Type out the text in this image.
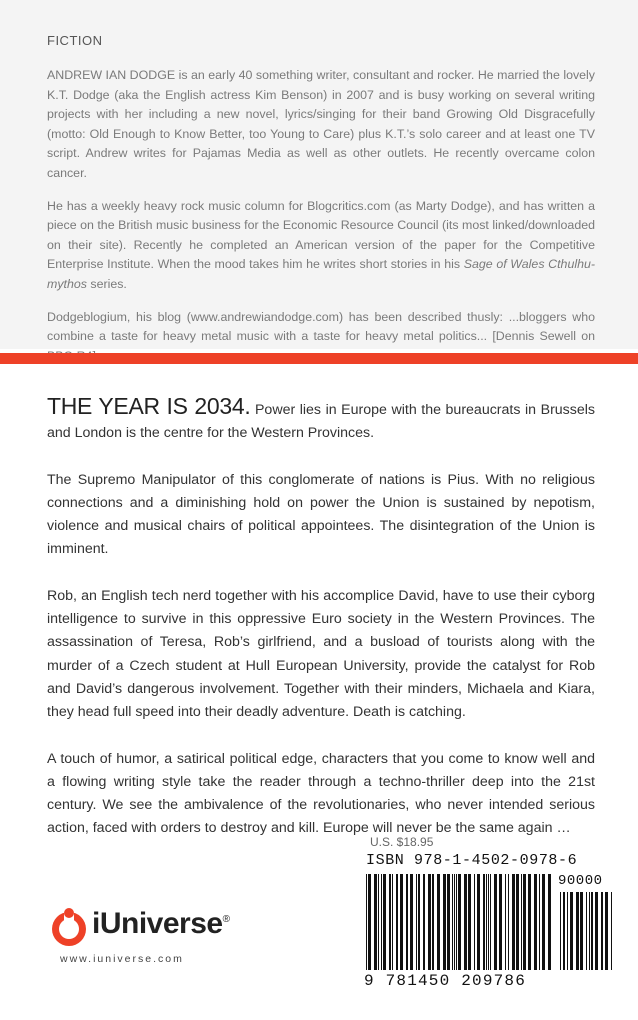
FICTION

ANDREW IAN DODGE is an early 40 something writer, consultant and rocker. He married the lovely K.T. Dodge (aka the English actress Kim Benson) in 2007 and is busy working on several writing projects with her including a new novel, lyrics/singing for their band Growing Old Disgracefully (motto: Old Enough to Know Better, too Young to Care) plus K.T.’s solo career and at least one TV script. Andrew writes for Pajamas Media as well as other outlets. He recently overcame colon cancer.

He has a weekly heavy rock music column for Blogcritics.com (as Marty Dodge), and has written a piece on the British music business for the Economic Resource Council (its most linked/downloaded on their site). Recently he completed an American version of the paper for the Competitive Enterprise Institute. When the mood takes him he writes short stories in his Sage of Wales Cthulhu-mythos series.

Dodgeblogium, his blog (www.andrewiandodge.com) has been described thusly: ...bloggers who combine a taste for heavy metal music with a taste for heavy metal politics... [Dennis Sewell on

THE YEAR IS 2034. Power lies in Europe with the bureaucrats in Brussels and London is the centre for the Western Provinces.

The Supremo Manipulator of this conglomerate of nations is Pius. With no religious connections and a diminishing hold on power the Union is sustained by nepotism, violence and musical chairs of political appointees. The disintegration of the Union is imminent.

Rob, an English tech nerd together with his accomplice David, have to use their cyborg intelligence to survive in this oppressive Euro society in the Western Provinces. The assassination of Teresa, Rob’s girlfriend, and a busload of tourists along with the murder of a Czech student at Hull European University, provide the catalyst for Rob and David’s dangerous involvement. Together with their minders, Michaela and Kiara, they head full speed into their deadly adventure. Death is catching.

A touch of humor, a satirical political edge, characters that you come to know well and a flowing writing style take the reader through a techno-thriller deep into the 21st century. We see the ambivalence of the revolutionaries, who never intended serious action, faced with orders to destroy and kill. Europe will never be the same again …

U.S. $18.95
ISBN 978-1-4502-0978-6
90000
9 781450 209786
iUniverse®
www.iuniverse.com
